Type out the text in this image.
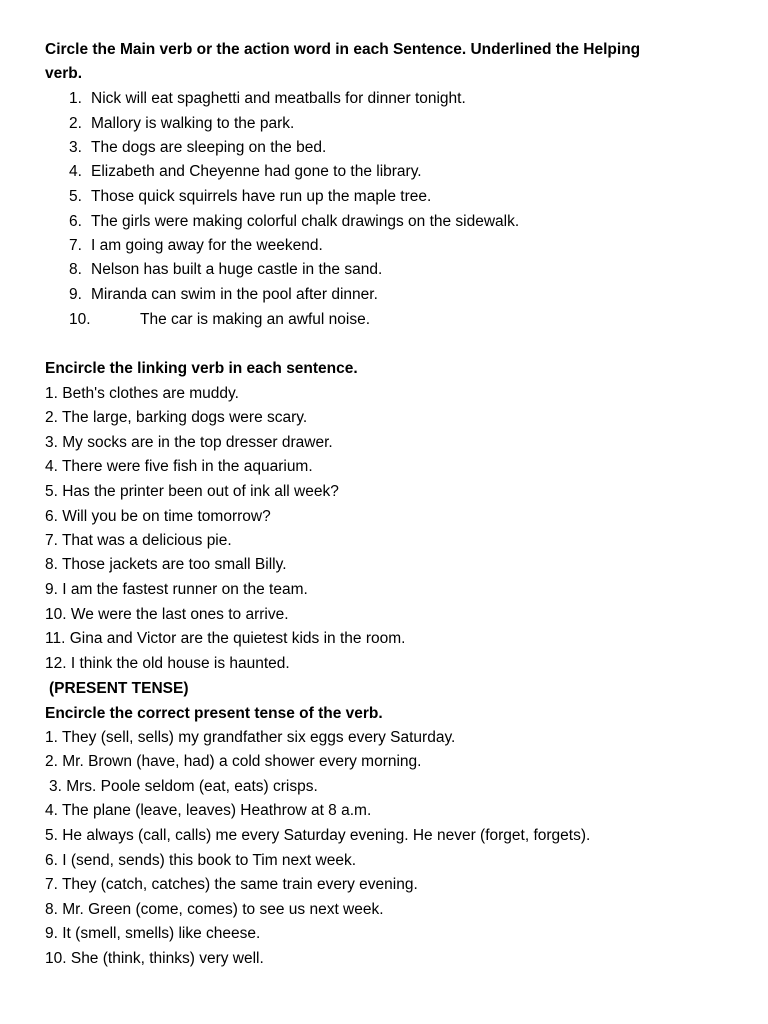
Circle the Main verb or the action word in each Sentence. Underlined the Helping
verb.
1. Nick will eat spaghetti and meatballs for dinner tonight.
2. Mallory is walking to the park.
3. The dogs are sleeping on the bed.
4. Elizabeth and Cheyenne had gone to the library.
5. Those quick squirrels have run up the maple tree.
6. The girls were making colorful chalk drawings on the sidewalk.
7. I am going away for the weekend.
8. Nelson has built a huge castle in the sand.
9. Miranda can swim in the pool after dinner.
10.	The car is making an awful noise.
Encircle the linking verb in each sentence.
1. Beth's clothes are muddy.
2. The large, barking dogs were scary.
3. My socks are in the top dresser drawer.
4. There were five fish in the aquarium.
5. Has the printer been out of ink all week?
6. Will you be on time tomorrow?
7. That was a delicious pie.
8. Those jackets are too small Billy.
9. I am the fastest runner on the team.
10. We were the last ones to arrive.
11. Gina and Victor are the quietest kids in the room.
12. I think the old house is haunted.
(PRESENT TENSE)
Encircle the correct present tense of the verb.
1. They (sell, sells) my grandfather six eggs every Saturday.
2. Mr. Brown (have, had) a cold shower every morning.
3. Mrs. Poole seldom (eat, eats) crisps.
4. The plane (leave, leaves) Heathrow at 8 a.m.
5. He always (call, calls) me every Saturday evening. He never (forget, forgets).
6. I (send, sends) this book to Tim next week.
7. They (catch, catches) the same train every evening.
8. Mr. Green (come, comes) to see us next week.
9. It (smell, smells) like cheese.
10. She (think, thinks) very well.
